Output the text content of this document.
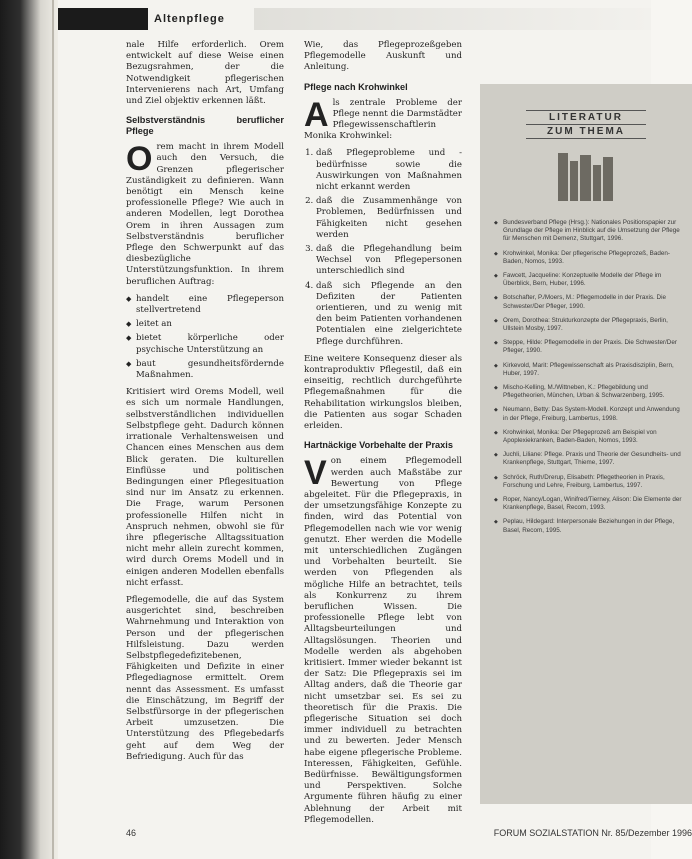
Altenpflege

nale Hilfe erforderlich. Orem entwickelt auf diese Weise einen Bezugsrahmen, der die Notwendigkeit pflegerischen Intervenierens nach Art, Umfang und Ziel objektiv erkennen läßt.

Selbstverständnis beruflicher Pflege

Orem macht in ihrem Modell auch den Versuch, die Grenzen pflegerischer Zuständigkeit zu definieren. Wann benötigt ein Mensch keine professionelle Pflege? Wie auch in anderen Modellen, legt Dorothea Orem in ihren Aussagen zum Selbstverständnis beruflicher Pflege den Schwerpunkt auf das diesbezügliche Unterstützungsfunktion. In ihrem beruflichen Auftrag:

◆ handelt eine Pflegeperson stellvertretend
◆ leitet an
◆ bietet körperliche oder psychische Unterstützung an
◆ baut gesundheitsfördernde Maßnahmen.

Kritisiert wird Orems Modell, weil es sich um normale Handlungen, selbstverständlichen individuellen Selbstpflege geht. Dadurch können irrationale Verhaltensweisen und Chancen eines Menschen aus dem Blick geraten. Die kulturellen Einflüsse und politischen Bedingungen einer Pflegesituation sind nur im Ansatz zu erkennen. Die Frage, warum Personen professionelle Hilfen nicht in Anspruch nehmen, obwohl sie für ihre pflegerische Alltagssituation nicht mehr allein zurecht kommen, wird durch Orems Modell und in einigen anderen Modellen ebenfalls nicht erfasst.

Pflegemodelle, die auf das System ausgerichtet sind, beschreiben Wahrnehmung und Interaktion von Person und der pflegerischen Hilfsleistung. Dazu werden Selbstpflegedefizitebenen, Fähigkeiten und Defizite in einer Pflegediagnose ermittelt. Orem nennt das Assessment. Es umfasst die Einschätzung, im Begriff der Selbstfürsorge in der pflegerischen Arbeit umzusetzen. Die Unterstützung des Pflegebedarfs geht auf dem Weg der Befriedigung. Auch für das

Wie, das Pflegeprozeßgeben Pflegemodelle Auskunft und Anleitung.

Pflege nach Krohwinkel

Als zentrale Probleme der Pflege nennt die Darmstädter Pflegewissenschaftlerin Monika Krohwinkel:

1. daß Pflegeprobleme und -bedürfnisse sowie die Auswirkungen von Maßnahmen nicht erkannt werden
2. daß die Zusammenhänge von Problemen, Bedürfnissen und Fähigkeiten nicht gesehen werden
3. daß die Pflegehandlung beim Wechsel von Pflegepersonen unterschiedlich sind
4. daß sich Pflegende an den Defiziten der Patienten orientieren, und zu wenig mit den beim Patienten vorhandenen Potentialen eine zielgerichtete Pflege durchführen.

Eine weitere Konsequenz dieser als kontraproduktiv Pflegestil, daß ein einseitig, rechtlich durchgeführte Pflegemaßnahmen für die Rehabilitation wirkungslos bleiben, die Patienten aus sogar Schaden erleiden.

Hartnäckige Vorbehalte der Praxis

Von einem Pflegemodell werden auch Maßstäbe zur Bewertung von Pflege abgeleitet. Für die Pflegepraxis, in der umsetzungsfähige Konzepte zu finden, wird das Potential von Pflegemodellen nach wie vor wenig genutzt. Eher werden die Modelle mit unterschiedlichen Zugängen und Vorbehalten beurteilt. Sie werden von Pflegenden als mögliche Hilfe an betrachtet, teils als Konkurrenz zu ihrem beruflichen Wissen. Die professionelle Pflege lebt von Alltagsbeurteilungen und Alltagslösungen. Theorien und Modelle werden als abgehoben kritisiert. Immer wieder bekannt ist der Satz: Die Pflegepraxis sei im Alltag anders, daß die Theorie gar nicht umsetzbar sei. Es sei zu theoretisch für die Praxis. Die pflegerische Situation sei doch immer individuell zu betrachten und zu bewerten. Jeder Mensch habe eigene pflegerische Probleme. Interessen, Fähigkeiten, Gefühle. Bedürfnisse. Bewältigungsformen und Perspektiven. Solche Argumente führen häufig zu einer Ablehnung der Arbeit mit Pflegemodellen.

LITERATUR
ZUM THEMA
◆ Bundesverband Pflege (Hrsg.): Nationales Positionspapier zur Grundlage der Pflege im Hinblick auf die Umsetzung der Pflege für Menschen mit Demenz, Stuttgart, 1996.
◆ Krohwinkel, Monika: Der pflegerische Pflegeprozeß, Baden-Baden, Nomos, 1993.
◆ Fawcett, Jacqueline: Konzeptuelle Modelle der Pflege im Überblick, Bern, Huber, 1996.
◆ Botschafter, P./Moers, M.: Pflegemodelle in der Praxis. Die Schwester/Der Pfleger, 1990.
◆ Orem, Dorothea: Strukturkonzepte der Pflegepraxis, Berlin, Ullstein Mosby, 1997.
◆ Steppe, Hilde: Pflegemodelle in der Praxis. Die Schwester/Der Pfleger, 1990.
◆ Kirkevold, Marit: Pflegewissenschaft als Praxisdisziplin, Bern, Huber, 1997.
◆ Mischo-Kelling, M./Wittneben, K.: Pflegebildung und Pflegetheorien, München, Urban & Schwarzenberg, 1995.
◆ Neumann, Betty: Das System-Modell. Konzept und Anwendung in der Pflege, Freiburg, Lambertus, 1998.
◆ Krohwinkel, Monika: Der Pflegeprozeß am Beispiel von Apoplexiekranken, Baden-Baden, Nomos, 1993.
◆ Juchli, Liliane: Pflege. Praxis und Theorie der Gesundheits- und Krankenpflege, Stuttgart, Thieme, 1997.
◆ Schröck, Ruth/Drerup, Elisabeth: Pflegetheorien in Praxis, Forschung und Lehre, Freiburg, Lambertus, 1997.
◆ Roper, Nancy/Logan, Winifred/Tierney, Alison: Die Elemente der Krankenpflege, Basel, Recom, 1993.
◆ Peplau, Hildegard: Interpersonale Beziehungen in der Pflege, Basel, Recom, 1995.
46	FORUM SOZIALSTATION Nr. 85/Dezember 1996
